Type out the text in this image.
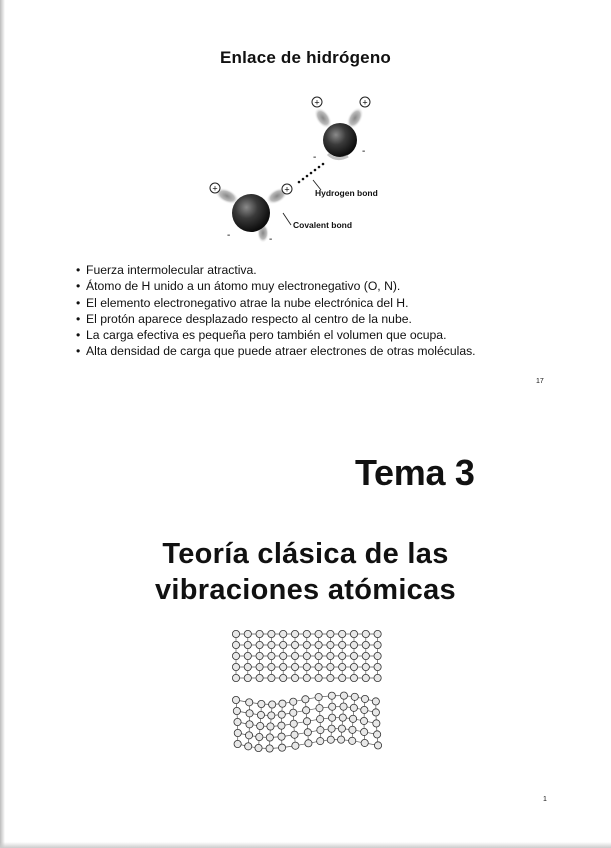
Enlace de hidrógeno
+	+
-
-
+	+
-	-
Hydrogen bond
Covalent bond
• Fuerza intermolecular atractiva.
• Átomo de H unido a un átomo muy electronegativo (O, N).
• El elemento electronegativo atrae la nube electrónica del H.
• El protón aparece desplazado respecto al centro de la nube.
• La carga efectiva es pequeña pero también el volumen que ocupa.
• Alta densidad de carga que puede atraer electrones de otras moléculas.
17
Tema 3
Teoría clásica de las
vibraciones atómicas
1
